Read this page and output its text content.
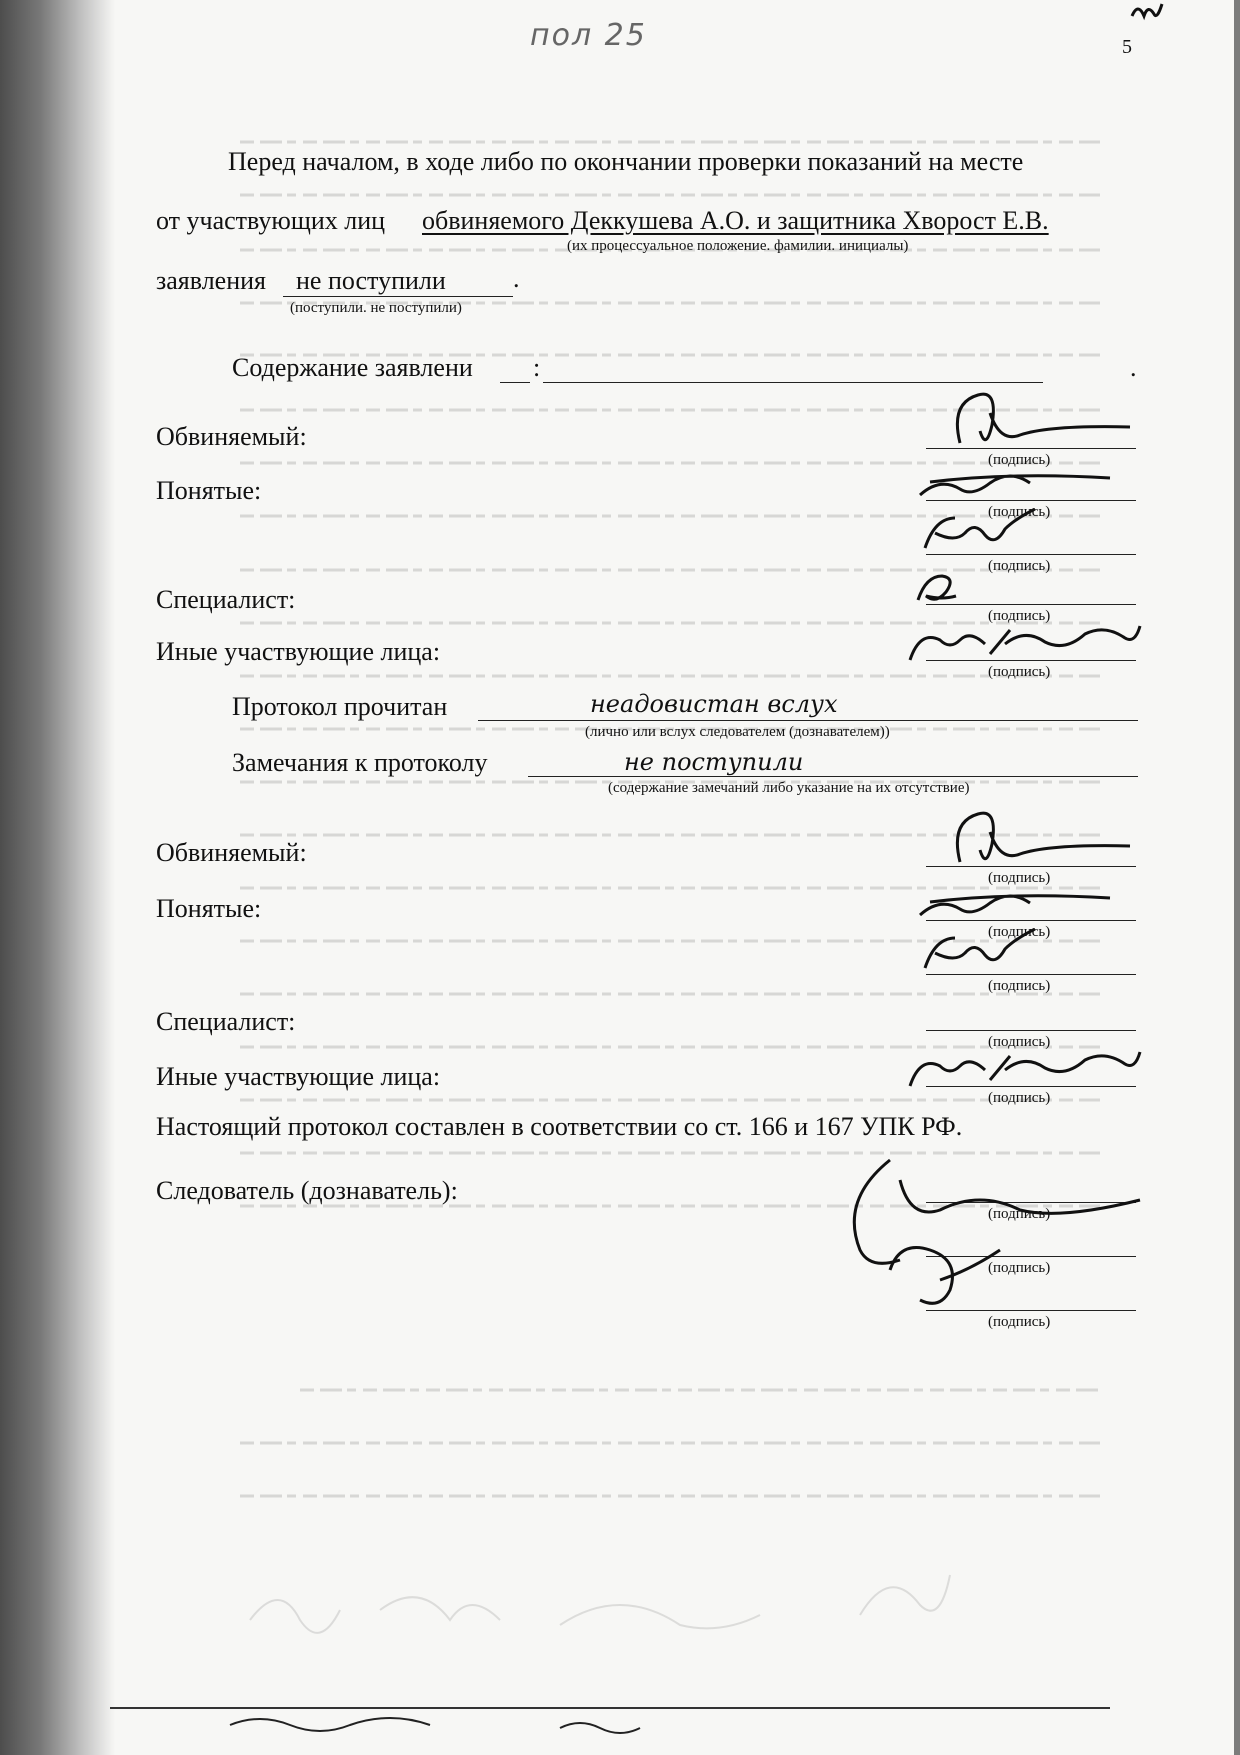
5
пол 25
Перед началом, в ходе либо по окончании проверки показаний на месте
от участвующих лиц обвиняемого Деккушева А.О. и защитника Хворост Е.В.
(их процессуальное положение. фамилии. инициалы)
заявления не поступили	.
(поступили. не поступили)
Содержание заявлени :	.
Обвиняемый:
(подпись)
Понятые:
(подпись)
(подпись)
Специалист:
(подпись)
Иные участвующие лица:
(подпись)
Протокол прочитан	неадовистан вслух
(лично или вслух следователем (дознавателем))
Замечания к протоколу	не поступили
(содержание замечаний либо указание на их отсутствие)
Обвиняемый:
(подпись)
Понятые:
(подпись)
(подпись)
Специалист:
(подпись)
Иные участвующие лица:
(подпись)
Настоящий протокол составлен в соответствии со ст. 166 и 167 УПК РФ.
Следователь (дознаватель):
(подпись)
(подпись)
(подпись)
